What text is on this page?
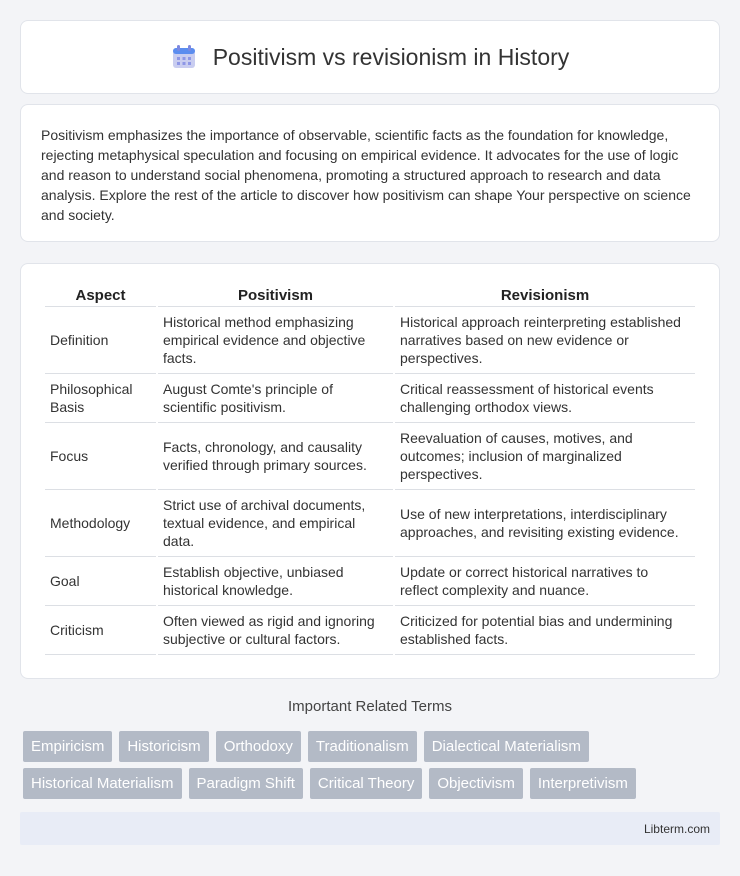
Positivism vs revisionism in History

Positivism emphasizes the importance of observable, scientific facts as the foundation for knowledge, rejecting metaphysical speculation and focusing on empirical evidence. It advocates for the use of logic and reason to understand social phenomena, promoting a structured approach to research and data analysis. Explore the rest of the article to discover how positivism can shape Your perspective on science and society.

Aspect	Positivism	Revisionism
Definition	Historical method emphasizing empirical evidence and objective facts.	Historical approach reinterpreting established narratives based on new evidence or perspectives.
Philosophical Basis	August Comte's principle of scientific positivism.	Critical reassessment of historical events challenging orthodox views.
Focus	Facts, chronology, and causality verified through primary sources.	Reevaluation of causes, motives, and outcomes; inclusion of marginalized perspectives.
Methodology	Strict use of archival documents, textual evidence, and empirical data.	Use of new interpretations, interdisciplinary approaches, and revisiting existing evidence.
Goal	Establish objective, unbiased historical knowledge.	Update or correct historical narratives to reflect complexity and nuance.
Criticism	Often viewed as rigid and ignoring subjective or cultural factors.	Criticized for potential bias and undermining established facts.
Important Related Terms
Empiricism	Historicism	Orthodoxy	Traditionalism	Dialectical Materialism
Historical Materialism	Paradigm Shift	Critical Theory	Objectivism	Interpretivism
Libterm.com
